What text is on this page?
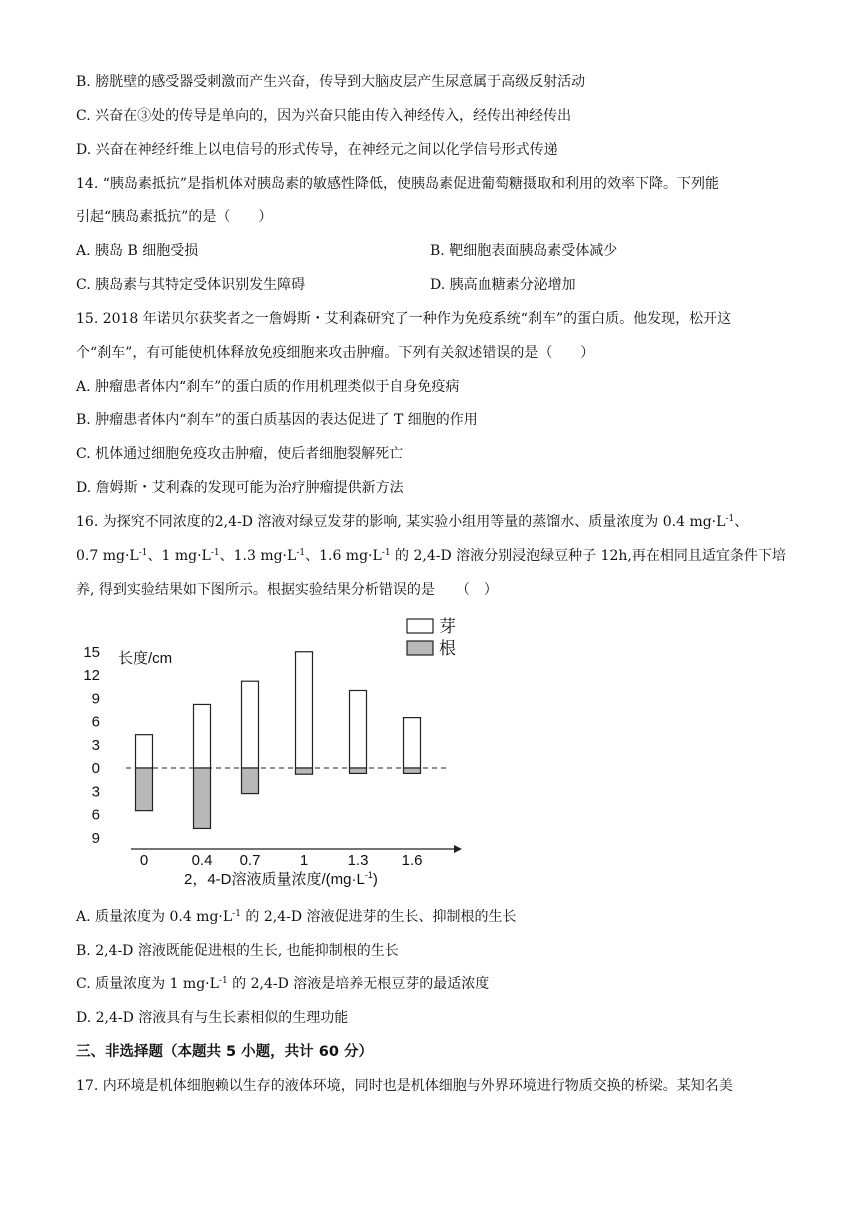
B. 膀胱壁的感受器受刺激而产生兴奋，传导到大脑皮层产生尿意属于高级反射活动
C. 兴奋在③处的传导是单向的，因为兴奋只能由传入神经传入，经传出神经传出
D. 兴奋在神经纤维上以电信号的形式传导，在神经元之间以化学信号形式传递
14. “胰岛素抵抗”是指机体对胰岛素的敏感性降低，使胰岛素促进葡萄糖摄取和利用的效率下降。下列能
引起“胰岛素抵抗”的是（　　）
A. 胰岛 B 细胞受损	B. 靶细胞表面胰岛素受体减少
C. 胰岛素与其特定受体识别发生障碍	D. 胰高血糖素分泌增加
15. 2018 年诺贝尔获奖者之一詹姆斯・艾利森研究了一种作为免疫系统“刹车”的蛋白质。他发现，松开这
个“刹车”，有可能使机体释放免疫细胞来攻击肿瘤。下列有关叙述错误的是（　　）
A. 肿瘤患者体内“刹车”的蛋白质的作用机理类似于自身免疫病
B. 肿瘤患者体内“刹车”的蛋白质基因的表达促进了 T 细胞的作用
C. 机体通过细胞免疫攻击肿瘤，使后者细胞裂解死亡
D. 詹姆斯・艾利森的发现可能为治疗肿瘤提供新方法
16. 为探究不同浓度的2,4-D 溶液对绿豆发芽的影响, 某实验小组用等量的蒸馏水、质量浓度为 0.4 $mg\cdot L^{-1}$、
0.7 $mg\cdot L^{-1}$、1 $mg\cdot L^{-1}$、1.3 $mg\cdot L^{-1}$、1.6 $mg\cdot L^{-1}$ 的 2,4-D 溶液分别浸泡绿豆种子 12h,再在相同且适宜条件下培
养, 得到实验结果如下图所示。根据实验结果分析错误的是　　（　）
长度/cm
15
12
9
6
3
0
3
6
9
0	0.4 0.7	1	1.3 1.6
芽
根
2，4-D溶液质量浓度$/(mg\cdot L^{-1})$
A. 质量浓度为 0.4 $mg\cdot L^{-1}$ 的 2,4-D 溶液促进芽的生长、抑制根的生长
B. 2,4-D 溶液既能促进根的生长, 也能抑制根的生长
C. 质量浓度为 1 $mg\cdot L^{-1}$ 的 2,4-D 溶液是培养无根豆芽的最适浓度
D. 2,4-D 溶液具有与生长素相似的生理功能
三、非选择题（本题共 5 小题，共计 60 分）
17. 内环境是机体细胞赖以生存的液体环境，同时也是机体细胞与外界环境进行物质交换的桥梁。某知名美
